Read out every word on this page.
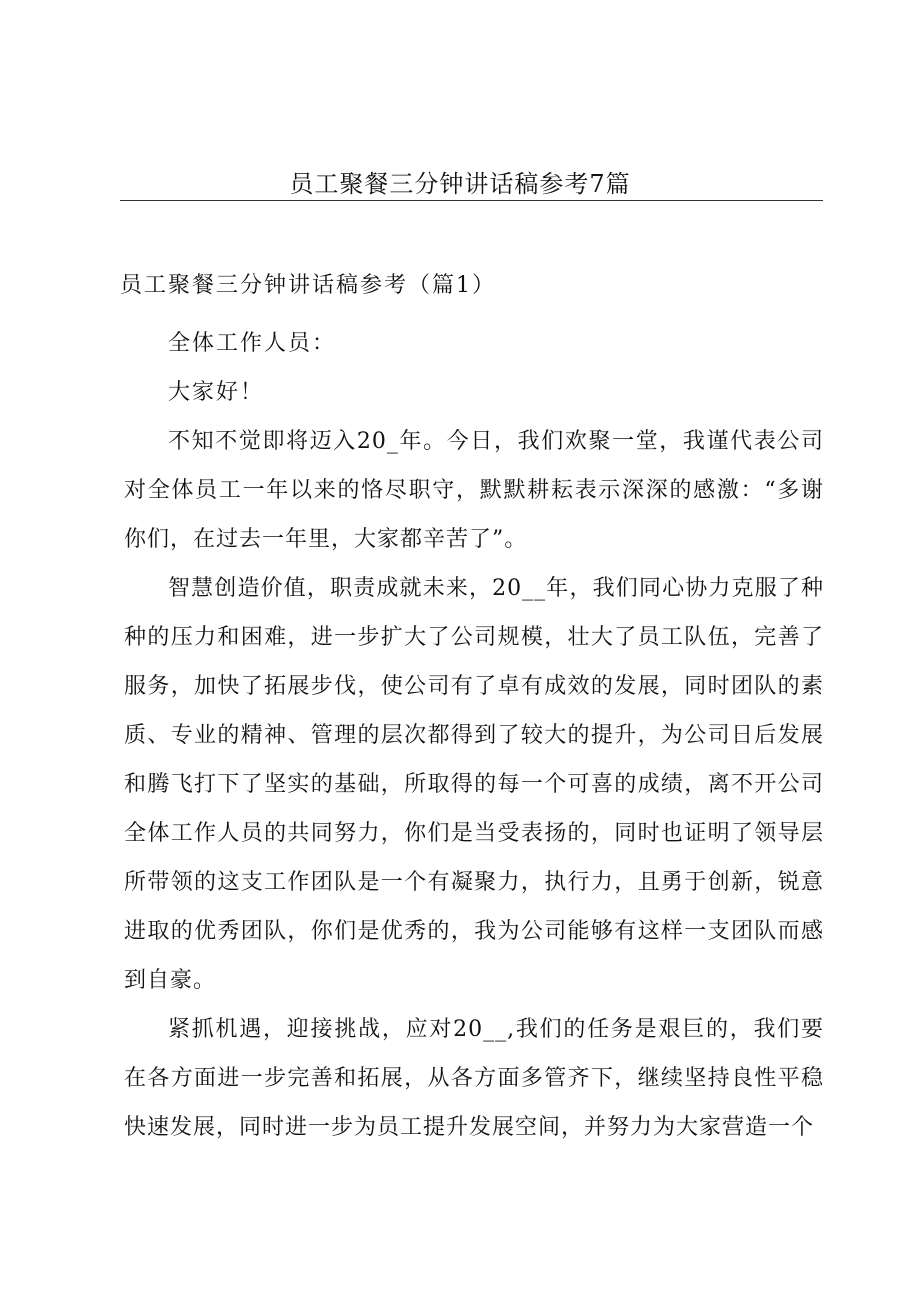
员工聚餐三分钟讲话稿参考7篇
员工聚餐三分钟讲话稿参考（篇1）

全体工作人员：

大家好！

不知不觉即将迈入20_年。今日，我们欢聚一堂，我谨代表公司对全体员工一年以来的恪尽职守，默默耕耘表示深深的感激：“多谢你们，在过去一年里，大家都辛苦了”。

智慧创造价值，职责成就未来，20__年，我们同心协力克服了种种的压力和困难，进一步扩大了公司规模，壮大了员工队伍，完善了服务，加快了拓展步伐，使公司有了卓有成效的发展，同时团队的素质、专业的精神、管理的层次都得到了较大的提升，为公司日后发展和腾飞打下了坚实的基础，所取得的每一个可喜的成绩，离不开公司全体工作人员的共同努力，你们是当受表扬的，同时也证明了领导层所带领的这支工作团队是一个有凝聚力，执行力，且勇于创新，锐意进取的优秀团队，你们是优秀的，我为公司能够有这样一支团队而感到自豪。

紧抓机遇，迎接挑战，应对20__,我们的任务是艰巨的，我们要在各方面进一步完善和拓展，从各方面多管齐下，继续坚持良性平稳快速发展，同时进一步为员工提升发展空间，并努力为大家营造一个
